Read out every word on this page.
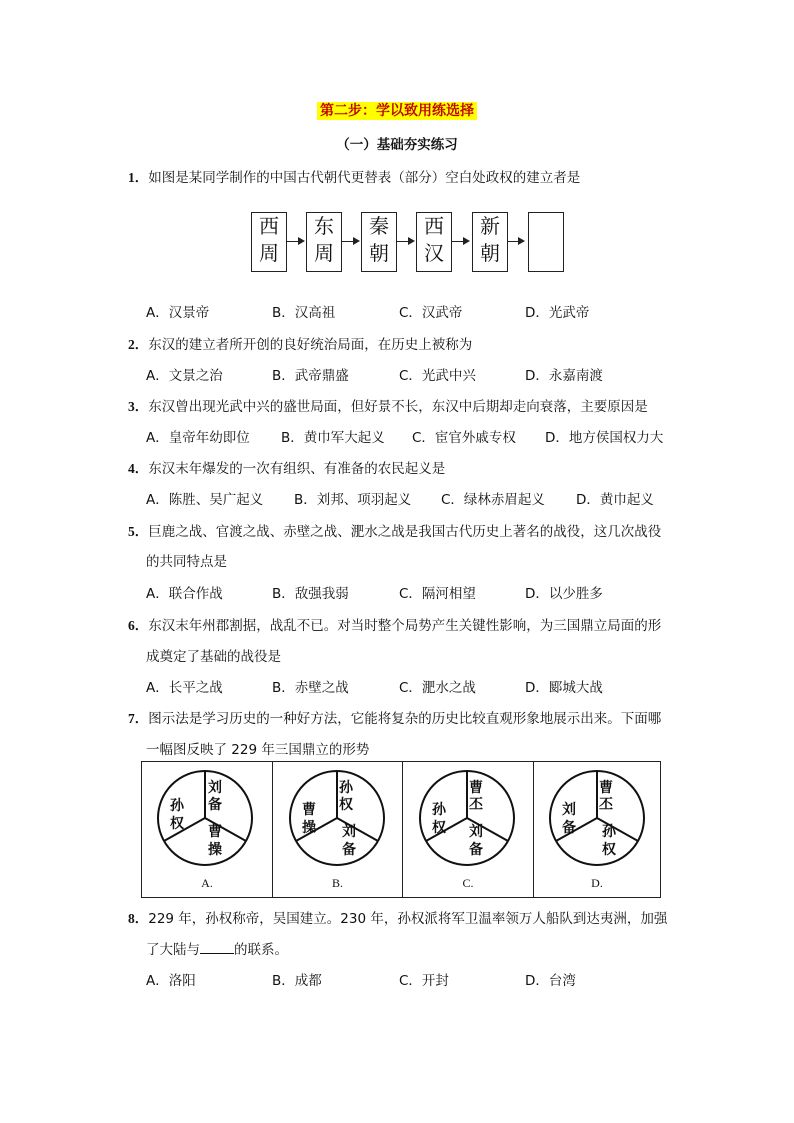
第二步：学以致用练选择
（一）基础夯实练习
1．如图是某同学制作的中国古代朝代更替表（部分）空白处政权的建立者是
西
周
东
周
秦
朝
西
汉
新
朝
A．汉景帝	B．汉高祖	C．汉武帝	D．光武帝
2．东汉的建立者所开创的良好统治局面，在历史上被称为
A．文景之治	B．武帝鼎盛	C．光武中兴	D．永嘉南渡
3．东汉曾出现光武中兴的盛世局面，但好景不长，东汉中后期却走向衰落，主要原因是
A．皇帝年幼即位 B．黄巾军大起义 C．宦官外戚专权 D．地方侯国权力大
4．东汉末年爆发的一次有组织、有准备的农民起义是
A．陈胜、吴广起义 B．刘邦、项羽起义 C．绿林赤眉起义 D．黄巾起义
5．巨鹿之战、官渡之战、赤壁之战、淝水之战是我国古代历史上著名的战役，这几次战役
的共同特点是
A．联合作战	B．敌强我弱	C．隔河相望	D．以少胜多
6．东汉末年州郡割据，战乱不已。对当时整个局势产生关键性影响，为三国鼎立局面的形
成奠定了基础的战役是
A．长平之战	B．赤壁之战	C．淝水之战	D．郾城大战
7．图示法是学习历史的一种好方法，它能将复杂的历史比较直观形象地展示出来。下面哪
一幅图反映了 229 年三国鼎立的形势
刘
备
曹
操
孙
权
A.
孙
权
刘
备
曹
操
B.
曹
丕
刘
备
孙
权
C.
曹
丕
孙
权
刘
备
D.
8．229 年，孙权称帝，吴国建立。230 年，孙权派将军卫温率领万人船队到达夷洲，加强
了大陆与	的联系。
A．洛阳	B．成都	C．开封	D．台湾
